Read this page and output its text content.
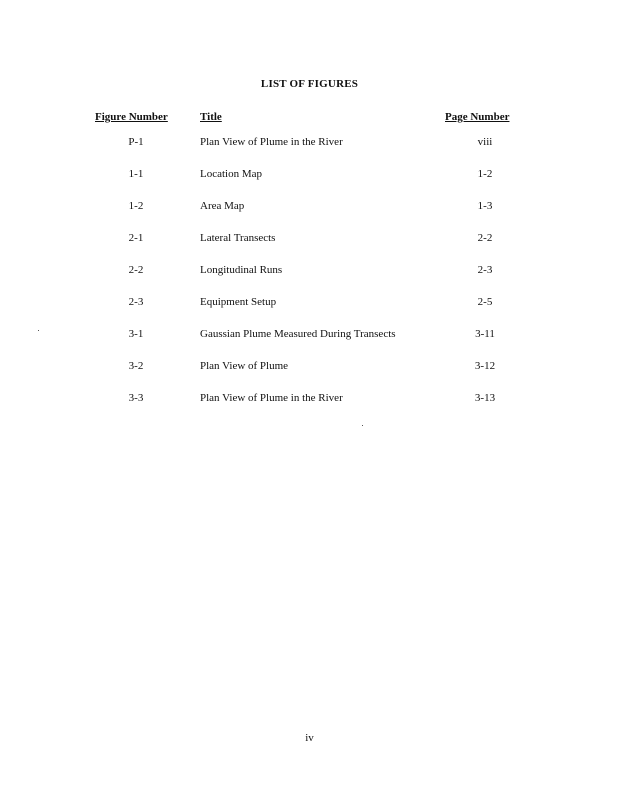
LIST OF FIGURES
Figure Number	Title	Page Number
P-1	Plan View of Plume in the River	viii
1-1	Location Map	1-2
1-2	Area Map	1-3
2-1	Lateral Transects	2-2
2-2	Longitudinal Runs	2-3
2-3	Equipment Setup	2-5
3-1	Gaussian Plume Measured During Transects	3-11
3-2	Plan View of Plume	3-12
3-3	Plan View of Plume in the River	3-13
iv
